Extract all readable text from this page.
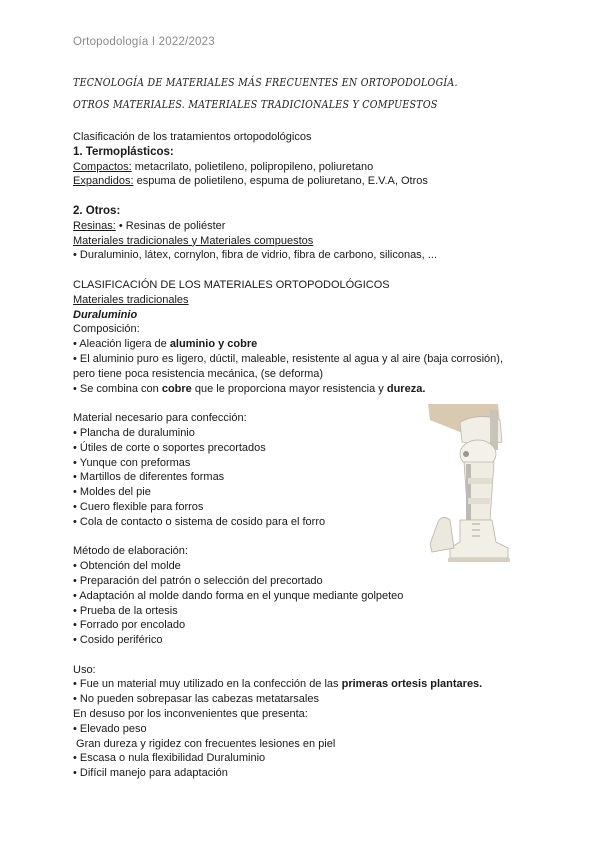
Ortopodología I 2022/2023
TECNOLOGÍA DE MATERIALES MÁS FRECUENTES EN ORTOPODOLOGÍA. OTROS MATERIALES. MATERIALES TRADICIONALES Y COMPUESTOS
Clasificación de los tratamientos ortopodológicos
1. Termoplásticos:
Compactos: metacrilato, polietileno, polipropileno, poliuretano
Expandidos: espuma de polietileno, espuma de poliuretano, E.V.A, Otros
2. Otros:
Resinas: • Resinas de poliéster
Materiales tradicionales y Materiales compuestos
• Duraluminio, látex, cornylon, fibra de vidrio, fibra de carbono, siliconas, ...
CLASIFICACIÓN DE LOS MATERIALES ORTOPODOLÓGICOS
Materiales tradicionales
Duraluminio
Composición:
• Aleación ligera de aluminio y cobre
• El aluminio puro es ligero, dúctil, maleable, resistente al agua y al aire (baja corrosión), pero tiene poca resistencia mecánica, (se deforma)
• Se combina con cobre que le proporciona mayor resistencia y dureza.
Material necesario para confección:
• Plancha de duraluminio
• Útiles de corte o soportes precortados
• Yunque con preformas
• Martillos de diferentes formas
• Moldes del pie
• Cuero flexible para forros
• Cola de contacto o sistema de cosido para el forro
Método de elaboración:
• Obtención del molde
• Preparación del patrón o selección del precortado
• Adaptación al molde dando forma en el yunque mediante golpeteo
• Prueba de la ortesis
• Forrado por encolado
• Cosido periférico
Uso:
• Fue un material muy utilizado en la confección de las primeras ortesis plantares.
• No pueden sobrepasar las cabezas metatarsales
En desuso por los inconvenientes que presenta:
• Elevado peso
Gran dureza y rigidez con frecuentes lesiones en piel
• Escasa o nula flexibilidad Duraluminio
• Difícil manejo para adaptación
